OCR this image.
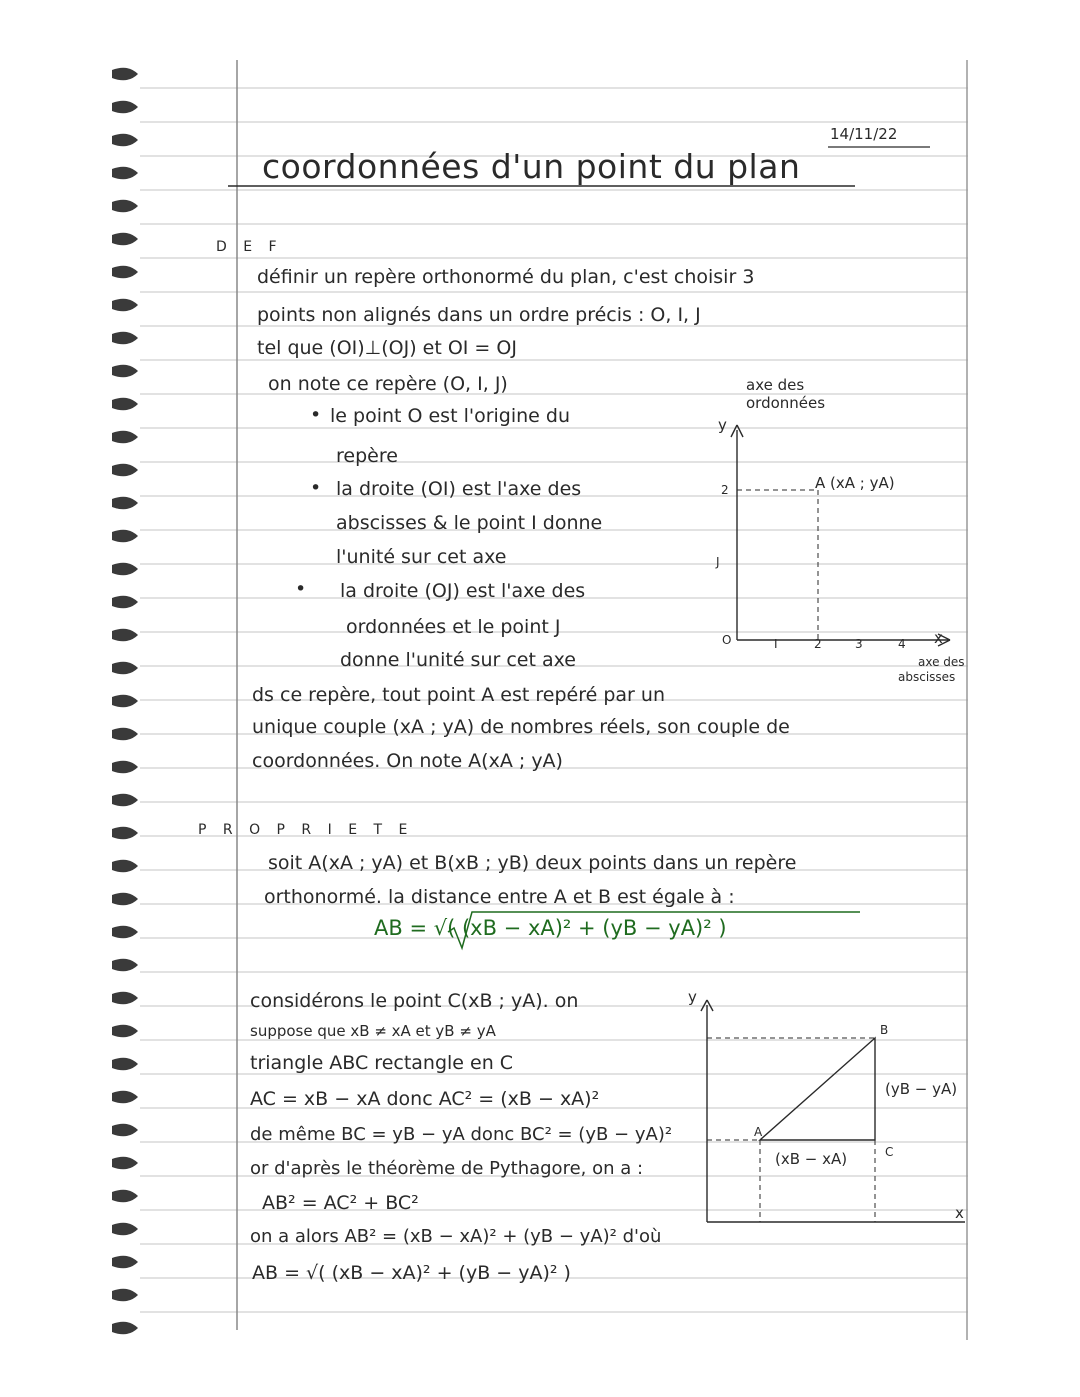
14/11/22
coordonnées d'un point du plan
D E F
définir un repère orthonormé du plan, c'est choisir 3
points non alignés dans un ordre précis : O, I, J
tel que (OI)⊥(OJ) et OI = OJ
on note ce repère (O, I, J)
• le point O est l'origine du
repère
• la droite (OI) est l'axe des
abscisses & le point I donne
l'unité sur cet axe
• la droite (OJ) est l'axe des
ordonnées et le point J
donne l'unité sur cet axe
ds ce repère, tout point A est repéré par un
unique couple (xA ; yA) de nombres réels, son couple de
coordonnées. On note A(xA ; yA)
y
axe des
ordonnées
A (xA ; yA)
2
J
O	I	2	3	4 x
axe des
abscisses
P R O P R I E T E
soit A(xA ; yA) et B(xB ; yB) deux points dans un repère
orthonormé. la distance entre A et B est égale à :
AB = √( (xB − xA)² + (yB − yA)² )
considérons le point C(xB ; yA). on
suppose que xB ≠ xA et yB ≠ yA
triangle ABC rectangle en C
AC = xB − xA donc AC² = (xB − xA)²
de même BC = yB − yA donc BC² = (yB − yA)²
or d'après le théorème de Pythagore, on a :
AB² = AC² + BC²
on a alors AB² = (xB − xA)² + (yB − yA)² d'où
AB = √( (xB − xA)² + (yB − yA)² )
y
B
A
C
(xB − xA)
(yB − yA)
x
